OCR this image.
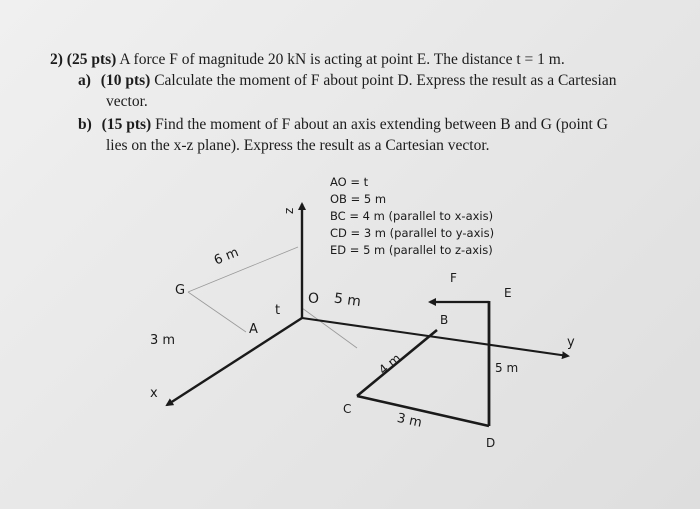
2) (25 pts) A force F of magnitude 20 kN is acting at point E. The distance t = 1 m.
a) (10 pts) Calculate the moment of F about point D. Express the result as a Cartesian
vector.
b) (15 pts) Find the moment of F about an axis extending between B and G (point G
lies on the x-z plane). Express the result as a Cartesian vector.
AO = t
OB = 5 m
BC = 4 m (parallel to x-axis)
CD = 3 m (parallel to y-axis)
ED = 5 m (parallel to z-axis)
z
x
y
O
A
G
B
C
D
E
F
6 m
3 m
t
5 m
4 m
3 m
5 m
